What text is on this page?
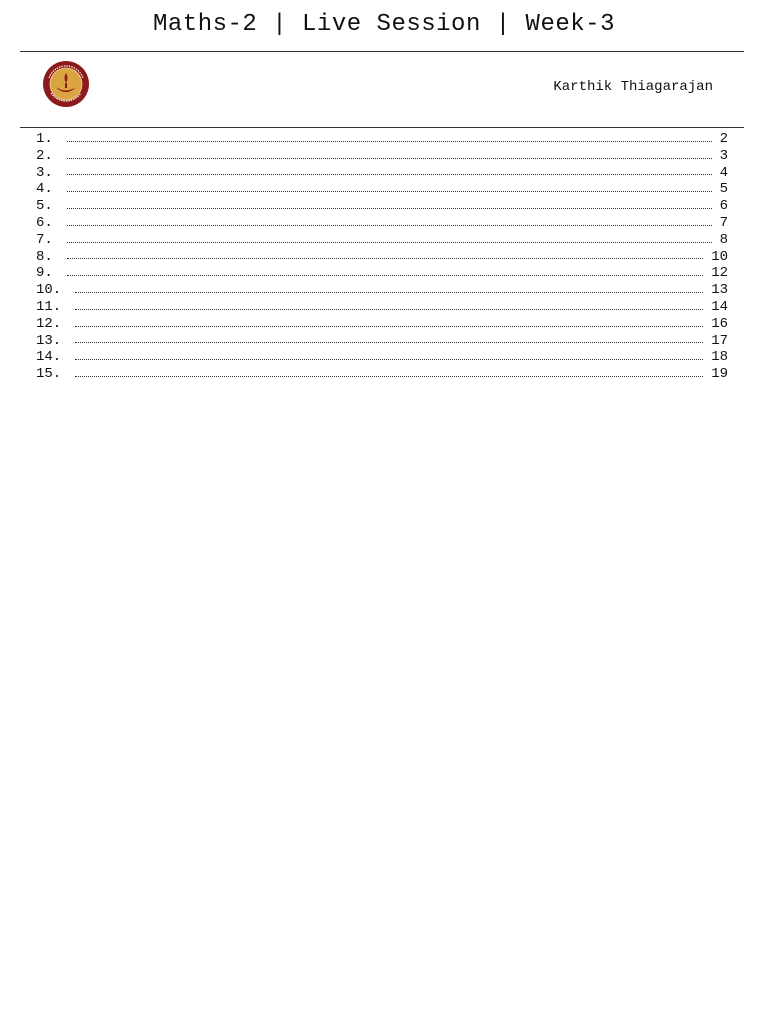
Maths-2 | Live Session | Week-3
Karthik Thiagarajan
1.	2
2.	3
3.	4
4.	5
5.	6
6.	7
7.	8
8.	10
9.	12
10.	13
11.	14
12.	16
13.	17
14.	18
15.	19
